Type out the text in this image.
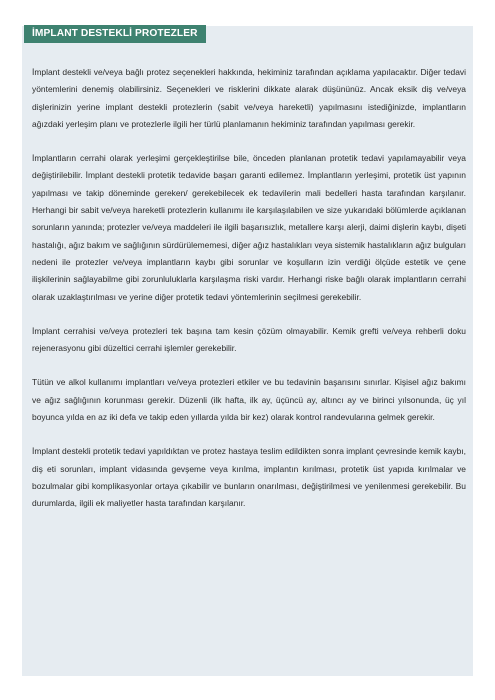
İMPLANT DESTEKLİ PROTEZLER

İmplant destekli ve/veya bağlı protez seçenekleri hakkında, hekiminiz tarafından açıklama yapılacaktır. Diğer tedavi yöntemlerini denemiş olabilirsiniz. Seçenekleri ve risklerini dikkate alarak düşününüz. Ancak eksik diş ve/veya dişlerinizin yerine implant destekli protezlerin (sabit ve/veya hareketli) yapılmasını istediğinizde, implantların ağızdaki yerleşim planı ve protezlerle ilgili her türlü planlamanın hekiminiz tarafından yapılması gerekir.

İmplantların cerrahi olarak yerleşimi gerçekleştirilse bile, önceden planlanan protetik tedavi yapılamayabilir veya değiştirilebilir. İmplant destekli protetik tedavide başarı garanti edilemez. İmplantların yerleşimi, protetik üst yapının yapılması ve takip döneminde gereken/ gerekebilecek ek tedavilerin mali bedelleri hasta tarafından karşılanır. Herhangi bir sabit ve/veya hareketli protezlerin kullanımı ile karşılaşılabilen ve size yukarıdaki bölümlerde açıklanan sorunların yanında; protezler ve/veya maddeleri ile ilgili başarısızlık, metallere karşı alerji, daimi dişlerin kaybı, dişeti hastalığı, ağız bakım ve sağlığının sürdürülememesi, diğer ağız hastalıkları veya sistemik hastalıkların ağız bulguları nedeni ile protezler ve/veya implantların kaybı gibi sorunlar ve koşulların izin verdiği ölçüde estetik ve çene ilişkilerinin sağlayabilme gibi zorunluluklarla karşılaşma riski vardır. Herhangi riske bağlı olarak implantların cerrahi olarak uzaklaştırılması ve yerine diğer protetik tedavi yöntemlerinin seçilmesi gerekebilir.

İmplant cerrahisi ve/veya protezleri tek başına tam kesin çözüm olmayabilir. Kemik grefti ve/veya rehberli doku rejenerasyonu gibi düzeltici cerrahi işlemler gerekebilir.

Tütün ve alkol kullanımı implantları ve/veya protezleri etkiler ve bu tedavinin başarısını sınırlar. Kişisel ağız bakımı ve ağız sağlığının korunması gerekir. Düzenli (ilk hafta, ilk ay, üçüncü ay, altıncı ay ve birinci yılsonunda, üç yıl boyunca yılda en az iki defa ve takip eden yıllarda yılda bir kez) olarak kontrol randevularına gelmek gerekir.

İmplant destekli protetik tedavi yapıldıktan ve protez hastaya teslim edildikten sonra implant çevresinde kemik kaybı, diş eti sorunları, implant vidasında gevşeme veya kırılma, implantın kırılması, protetik üst yapıda kırılmalar ve bozulmalar gibi komplikasyonlar ortaya çıkabilir ve bunların onarılması, değiştirilmesi ve yenilenmesi gerekebilir. Bu durumlarda, ilgili ek maliyetler hasta tarafından karşılanır.
